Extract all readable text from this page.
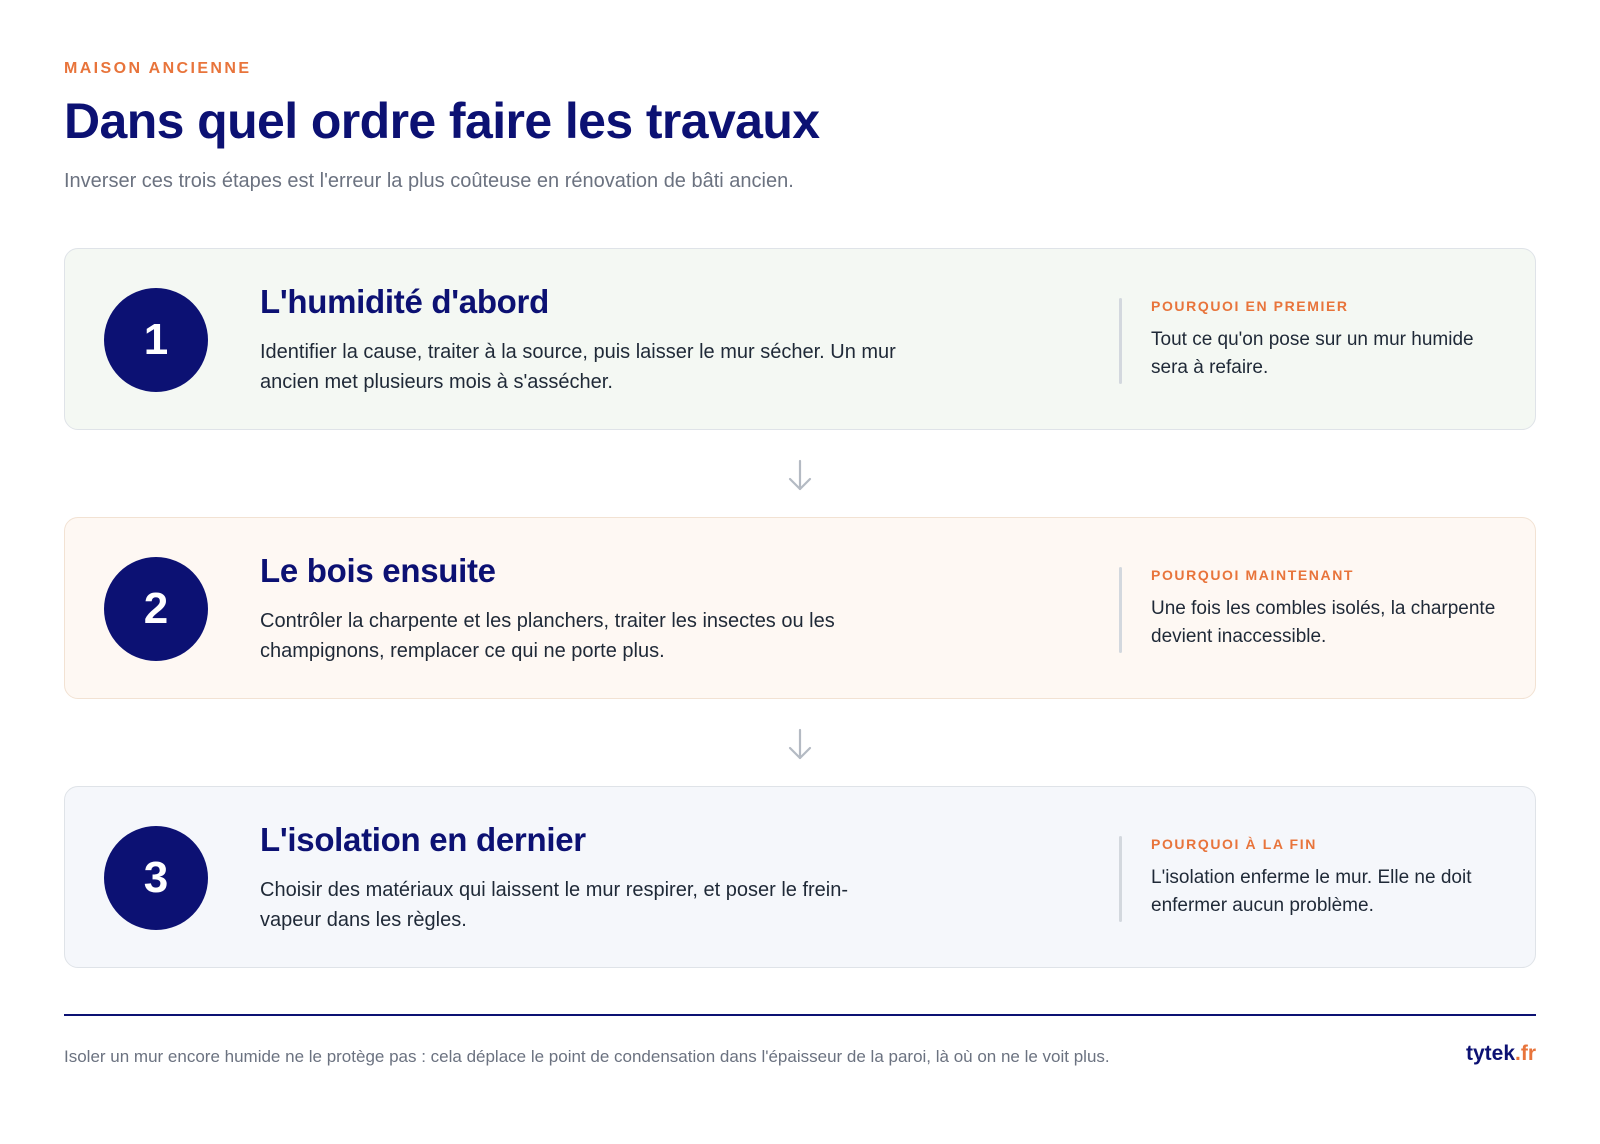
MAISON ANCIENNE
Dans quel ordre faire les travaux

Inverser ces trois étapes est l'erreur la plus coûteuse en rénovation de bâti ancien.

1
L'humidité d'abord

Identifier la cause, traiter à la source, puis laisser le mur sécher. Un mur ancien met plusieurs mois à s'assécher.

POURQUOI EN PREMIER

Tout ce qu'on pose sur un mur humide sera à refaire.

2
Le bois ensuite

Contrôler la charpente et les planchers, traiter les insectes ou les champignons, remplacer ce qui ne porte plus.

POURQUOI MAINTENANT

Une fois les combles isolés, la charpente devient inaccessible.

3
L'isolation en dernier

Choisir des matériaux qui laissent le mur respirer, et poser le frein-vapeur dans les règles.

POURQUOI À LA FIN

L'isolation enferme le mur. Elle ne doit enfermer aucun problème.

Isoler un mur encore humide ne le protège pas : cela déplace le point de condensation dans l'épaisseur de la paroi, là où on ne le voit plus.	tytek.fr
